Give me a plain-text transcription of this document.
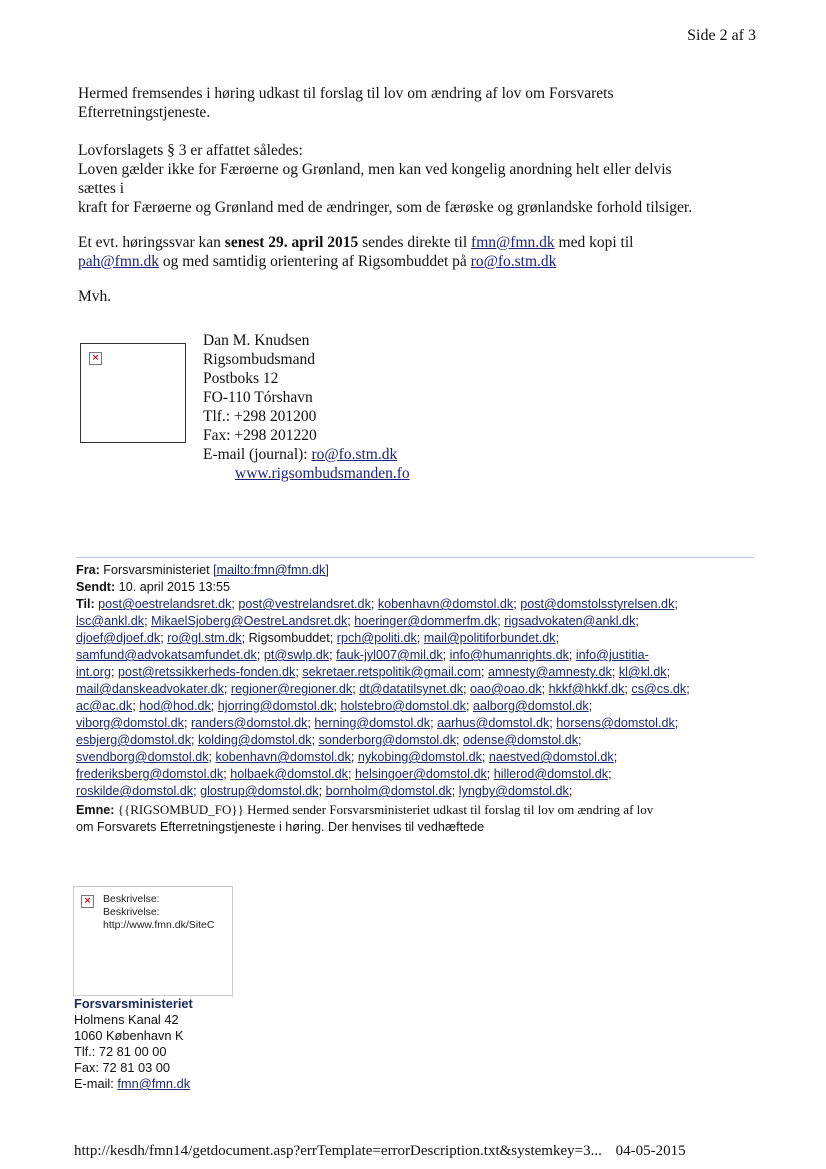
Side 2 af 3

Hermed fremsendes i høring udkast til forslag til lov om ændring af lov om Forsvarets Efterretningstjeneste.

Lovforslagets § 3 er affattet således:

Loven gælder ikke for Færøerne og Grønland, men kan ved kongelig anordning helt eller delvis

sættes i

kraft for Færøerne og Grønland med de ændringer, som de færøske og grønlandske forhold tilsiger.

Et evt. høringssvar kan senest 29. april 2015 sendes direkte til fmn@fmn.dk med kopi til
pah@fmn.dk og med samtidig orientering af Rigsombuddet på ro@fo.stm.dk

Mvh.

×

Dan M. Knudsen

Rigsombudsmand

Postboks 12

FO-110 Tórshavn

Tlf.: +298 201200

Fax: +298 201220

E-mail (journal): ro@fo.stm.dk

www.rigsombudsmanden.fo

Fra: Forsvarsministeriet [mailto:fmn@fmn.dk]
Sendt: 10. april 2015 13:55
Til: post@oestrelandsret.dk; post@vestrelandsret.dk; kobenhavn@domstol.dk; post@domstolsstyrelsen.dk;
lsc@ankl.dk; MikaelSjoberg@OestreLandsret.dk; hoeringer@dommerfm.dk; rigsadvokaten@ankl.dk;
djoef@djoef.dk; ro@gl.stm.dk; Rigsombuddet; rpch@politi.dk; mail@politiforbundet.dk;
samfund@advokatsamfundet.dk; pt@swlp.dk; fauk-jyl007@mil.dk; info@humanrights.dk; info@justitia-
int.org; post@retssikkerheds-fonden.dk; sekretaer.retspolitik@gmail.com; amnesty@amnesty.dk; kl@kl.dk;
mail@danskeadvokater.dk; regioner@regioner.dk; dt@datatilsynet.dk; oao@oao.dk; hkkf@hkkf.dk; cs@cs.dk;
ac@ac.dk; hod@hod.dk; hjorring@domstol.dk; holstebro@domstol.dk; aalborg@domstol.dk;
viborg@domstol.dk; randers@domstol.dk; herning@domstol.dk; aarhus@domstol.dk; horsens@domstol.dk;
esbjerg@domstol.dk; kolding@domstol.dk; sonderborg@domstol.dk; odense@domstol.dk;
svendborg@domstol.dk; kobenhavn@domstol.dk; nykobing@domstol.dk; naestved@domstol.dk;
frederiksberg@domstol.dk; holbaek@domstol.dk; helsingoer@domstol.dk; hillerod@domstol.dk;
roskilde@domstol.dk; glostrup@domstol.dk; bornholm@domstol.dk; lyngby@domstol.dk;
Emne: {{RIGSOMBUD_FO}} Hermed sender Forsvarsministeriet udkast til forslag til lov om ændring af lov
om Forsvarets Efterretningstjeneste i høring. Der henvises til vedhæftede
× Beskrivelse:
Beskrivelse:
http://www.fmn.dk/SiteC
Forsvarsministeriet
Holmens Kanal 42
1060 København K
Tlf.: 72 81 00 00
Fax: 72 81 03 00
E-mail: fmn@fmn.dk
http://kesdh/fmn14/getdocument.asp?errTemplate=errorDescription.txt&systemkey=3... 04-05-2015
